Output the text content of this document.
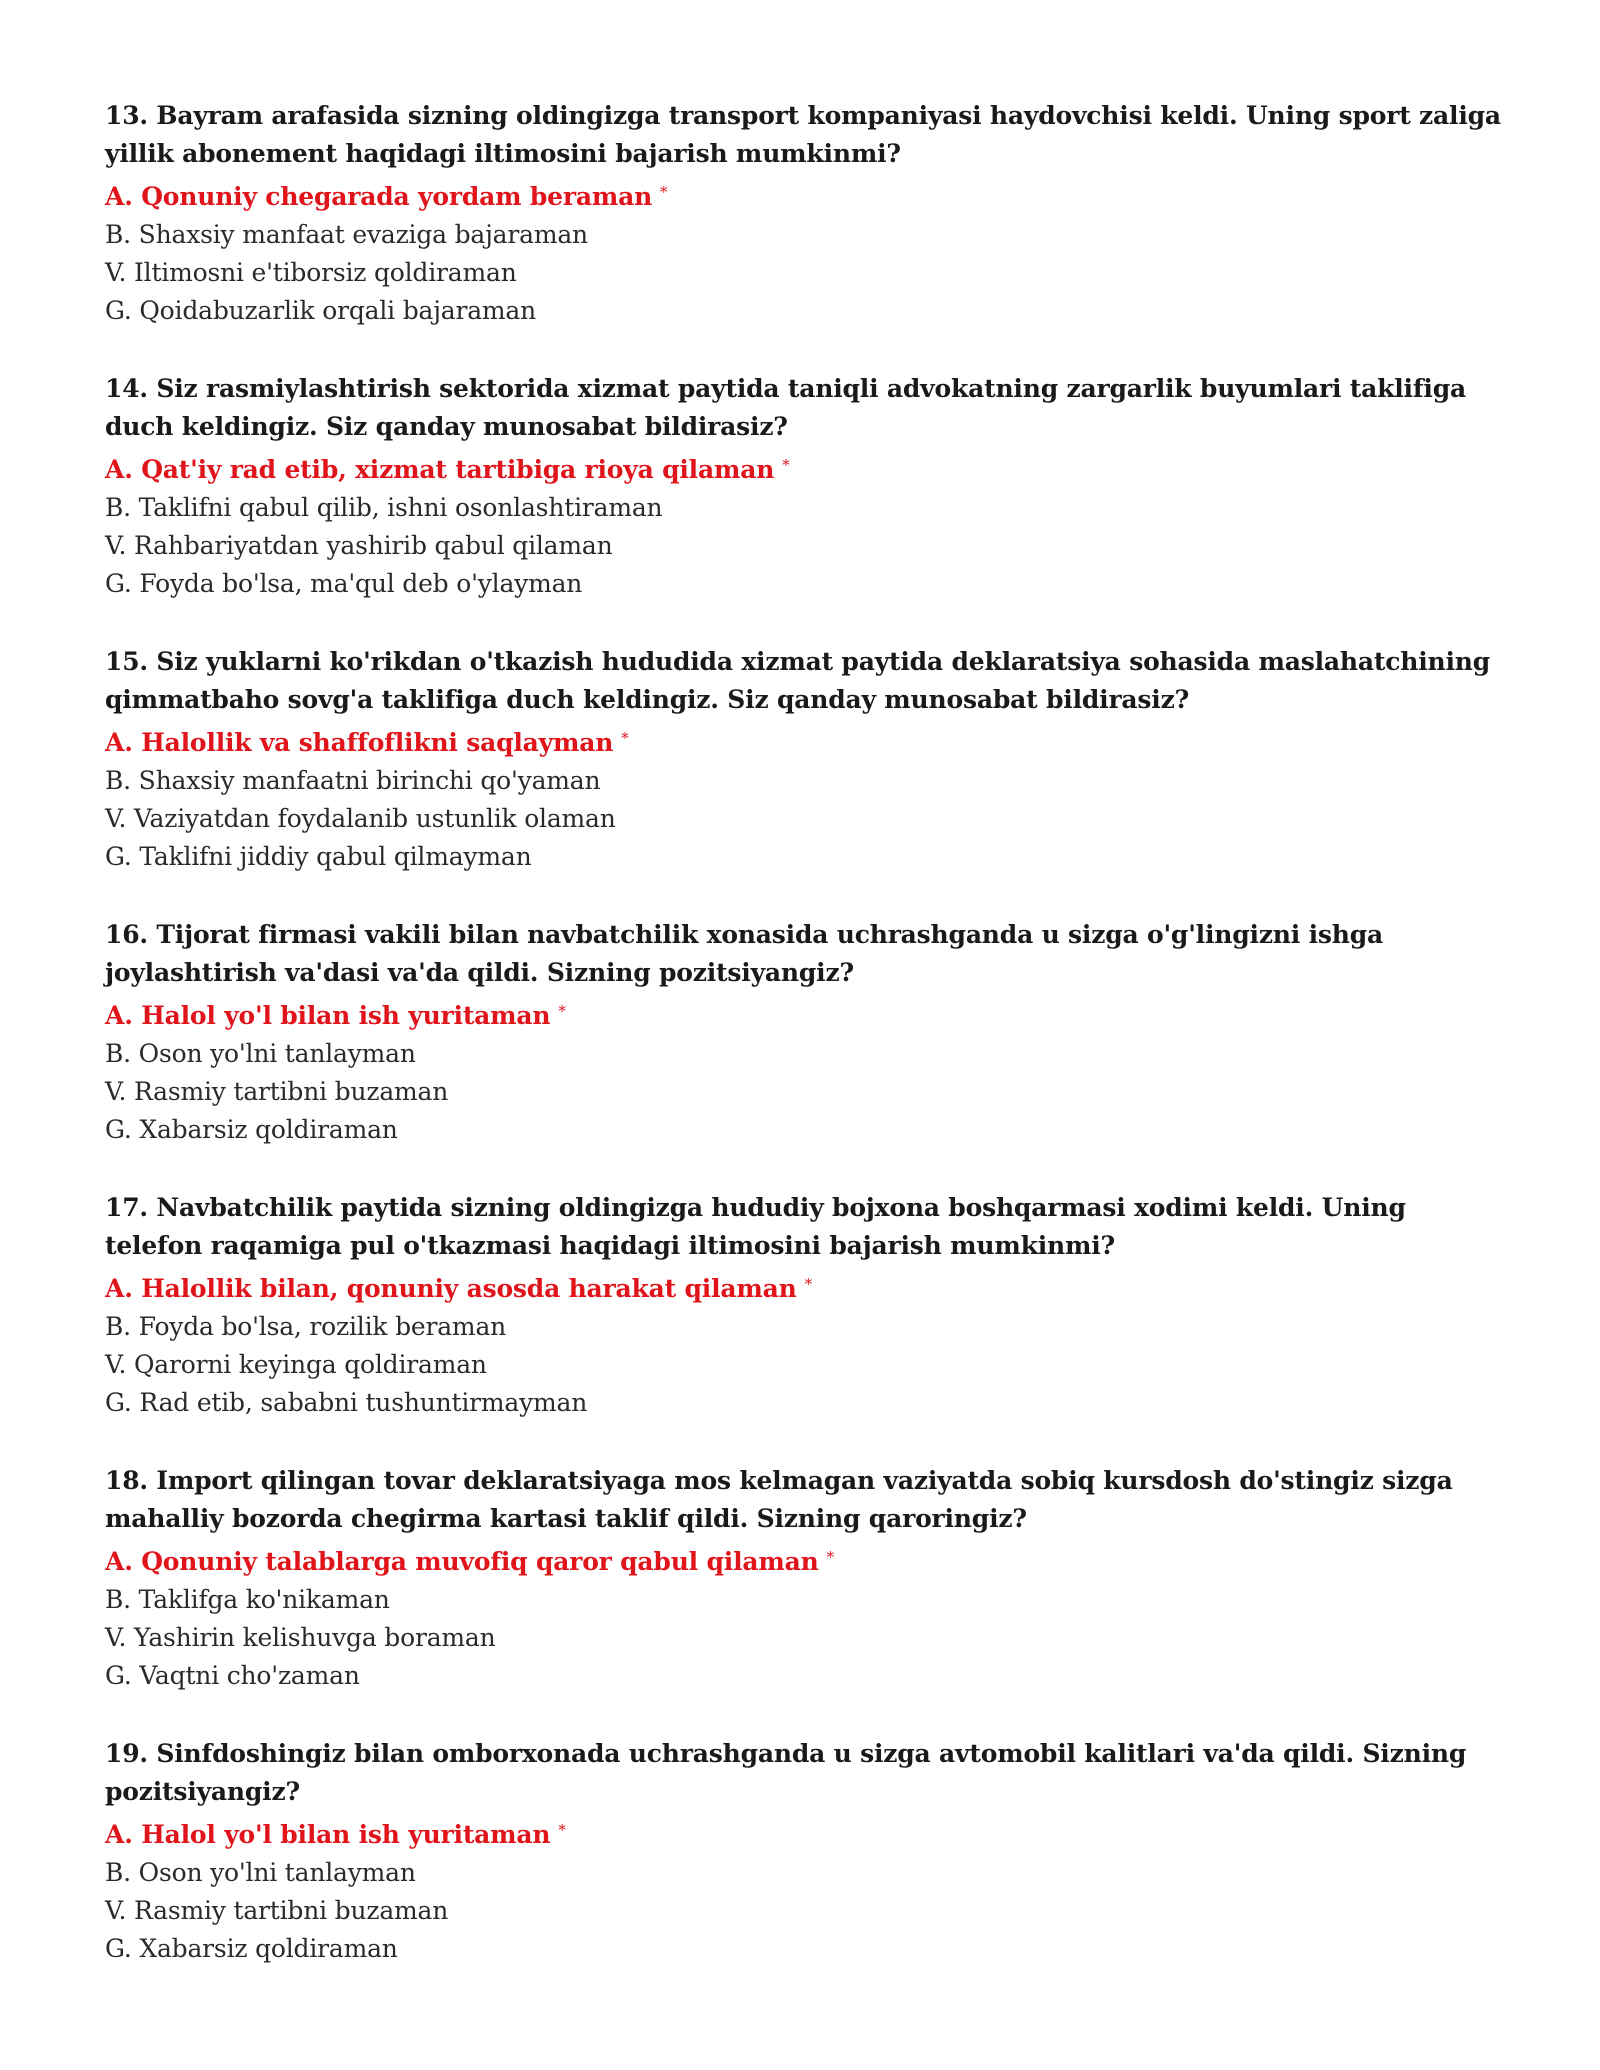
13. Bayram arafasida sizning oldingizga transport kompaniyasi haydovchisi keldi. Uning sport zaliga yillik abonement haqidagi iltimosini bajarish mumkinmi?

A. Qonuniy chegarada yordam beraman *

B. Shaxsiy manfaat evaziga bajaraman

V. Iltimosni e'tiborsiz qoldiraman

G. Qoidabuzarlik orqali bajaraman

14. Siz rasmiylashtirish sektorida xizmat paytida taniqli advokatning zargarlik buyumlari taklifiga duch keldingiz. Siz qanday munosabat bildirasiz?

A. Qat'iy rad etib, xizmat tartibiga rioya qilaman *

B. Taklifni qabul qilib, ishni osonlashtiraman

V. Rahbariyatdan yashirib qabul qilaman

G. Foyda bo'lsa, ma'qul deb o'ylayman

15. Siz yuklarni ko'rikdan o'tkazish hududida xizmat paytida deklaratsiya sohasida maslahatchining qimmatbaho sovg'a taklifiga duch keldingiz. Siz qanday munosabat bildirasiz?

A. Halollik va shaffoflikni saqlayman *

B. Shaxsiy manfaatni birinchi qo'yaman

V. Vaziyatdan foydalanib ustunlik olaman

G. Taklifni jiddiy qabul qilmayman

16. Tijorat firmasi vakili bilan navbatchilik xonasida uchrashganda u sizga o'g'lingizni ishga joylashtirish va'dasi va'da qildi. Sizning pozitsiyangiz?

A. Halol yo'l bilan ish yuritaman *

B. Oson yo'lni tanlayman

V. Rasmiy tartibni buzaman

G. Xabarsiz qoldiraman

17. Navbatchilik paytida sizning oldingizga hududiy bojxona boshqarmasi xodimi keldi. Uning telefon raqamiga pul o'tkazmasi haqidagi iltimosini bajarish mumkinmi?

A. Halollik bilan, qonuniy asosda harakat qilaman *

B. Foyda bo'lsa, rozilik beraman

V. Qarorni keyinga qoldiraman

G. Rad etib, sababni tushuntirmayman

18. Import qilingan tovar deklaratsiyaga mos kelmagan vaziyatda sobiq kursdosh do'stingiz sizga mahalliy bozorda chegirma kartasi taklif qildi. Sizning qaroringiz?

A. Qonuniy talablarga muvofiq qaror qabul qilaman *

B. Taklifga ko'nikaman

V. Yashirin kelishuvga boraman

G. Vaqtni cho'zaman

19. Sinfdoshingiz bilan omborxonada uchrashganda u sizga avtomobil kalitlari va'da qildi. Sizning pozitsiyangiz?

A. Halol yo'l bilan ish yuritaman *

B. Oson yo'lni tanlayman

V. Rasmiy tartibni buzaman

G. Xabarsiz qoldiraman
